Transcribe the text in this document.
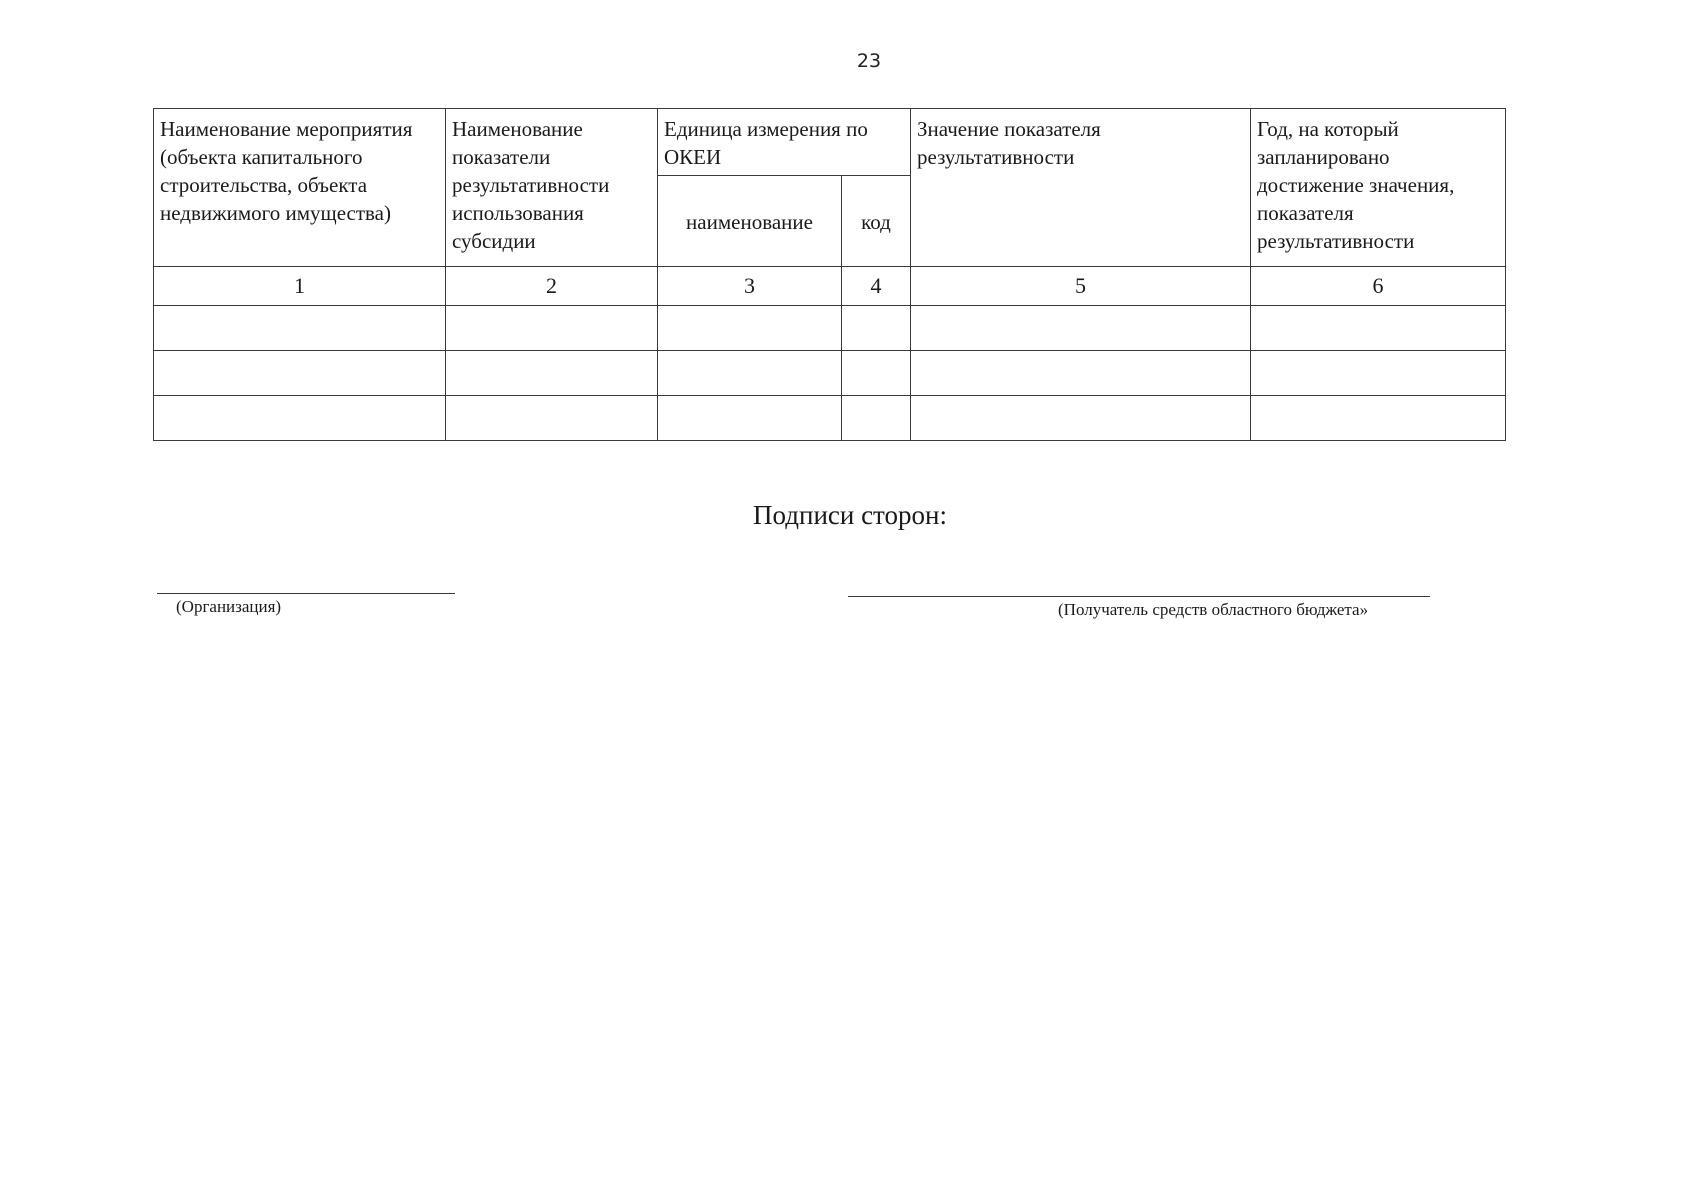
23
Наименование мероприятия (объекта капитального строительства, объекта недвижимого имущества)	Наименование показатели результативности использования субсидии	Единица измерения по ОКЕИ		Значение показателя результативности	Год, на который запланировано достижение значения, показателя результативности
		наименование	код		
1	2	3	4	5	6

Подписи сторон:
(Организация)	(Получатель средств областного бюджета»
